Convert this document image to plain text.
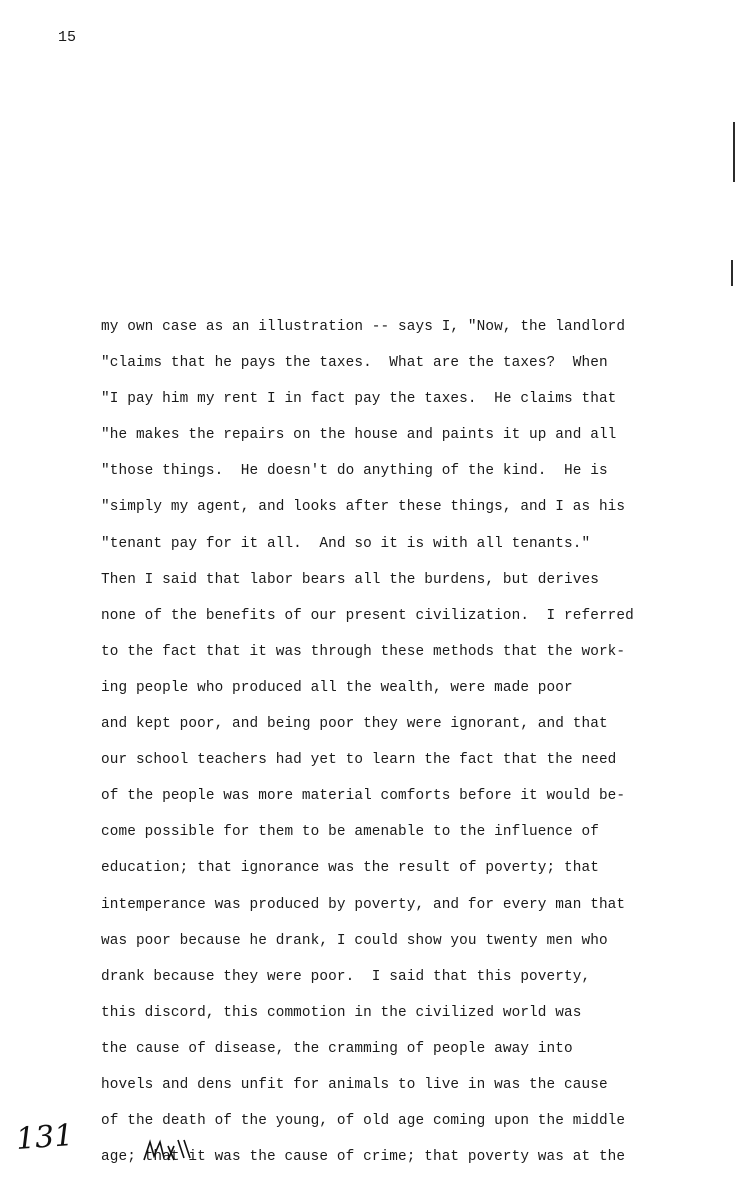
15
my own case as an illustration -- says I, "Now, the landlord
"claims that he pays the taxes.  What are the taxes?  When
"I pay him my rent I in fact pay the taxes.  He claims that
"he makes the repairs on the house and paints it up and all
"those things.  He doesn't do anything of the kind.  He is
"simply my agent, and looks after these things, and I as his
"tenant pay for it all.  And so it is with all tenants."
Then I said that labor bears all the burdens, but derives
none of the benefits of our present civilization.  I referred
to the fact that it was through these methods that the work-
ing people who produced all the wealth, were made poor
and kept poor, and being poor they were ignorant, and that
our school teachers had yet to learn the fact that the need
of the people was more material comforts before it would be-
come possible for them to be amenable to the influence of
education; that ignorance was the result of poverty; that
intemperance was produced by poverty, and for every man that
was poor because he drank, I could show you twenty men who
drank because they were poor.  I said that this poverty,
this discord, this commotion in the civilized world was
the cause of disease, the cramming of people away into
hovels and dens unfit for animals to live in was the cause
of the death of the young, of old age coming upon the middle
age; that it was the cause of crime; that poverty was at the
131
